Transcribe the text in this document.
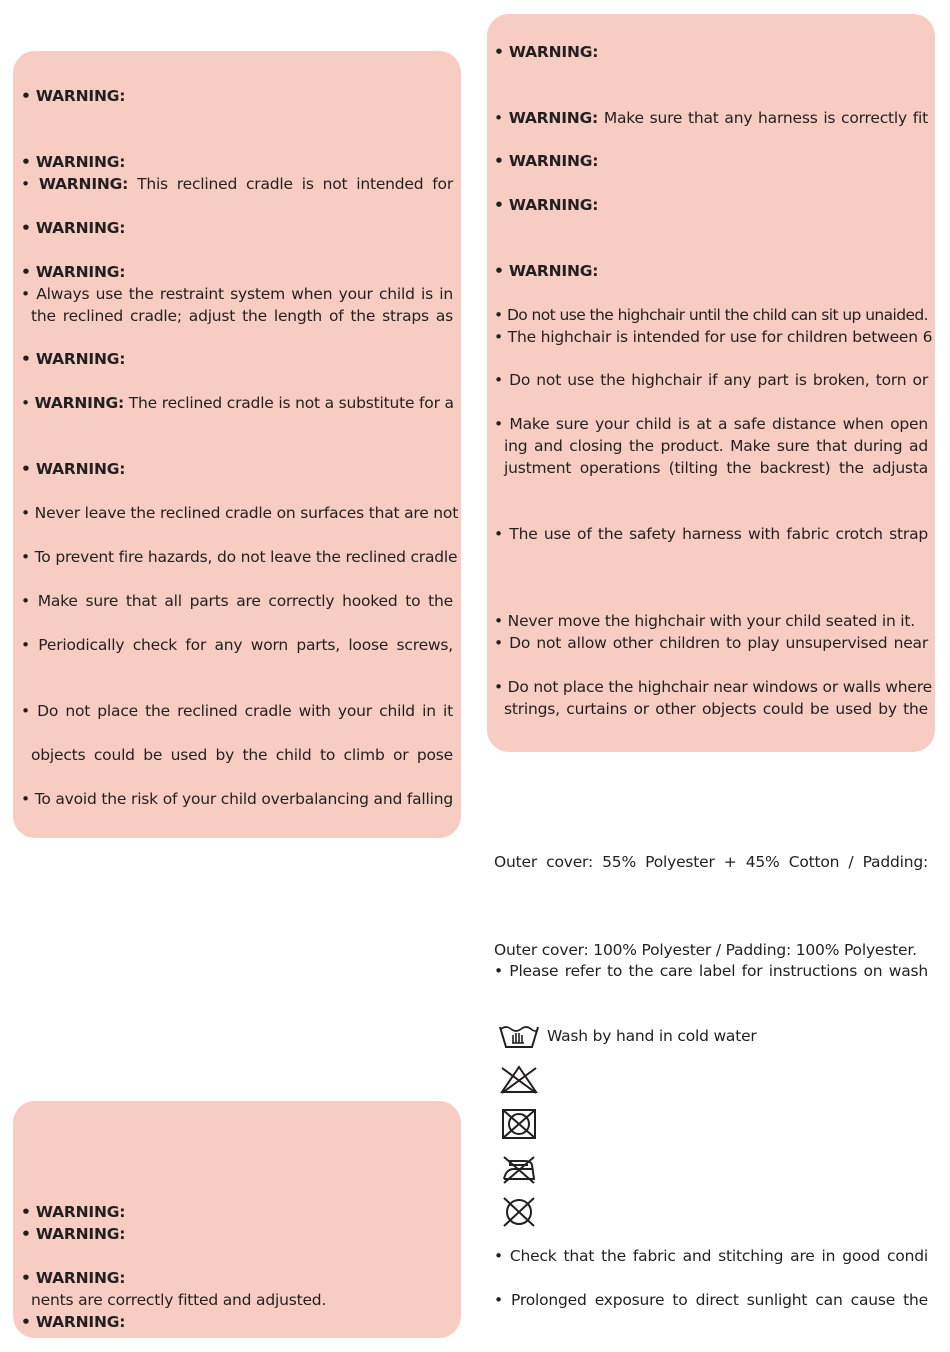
• WARNING:
• WARNING:
• WARNING: This reclined cradle is not intended for
• WARNING:
• WARNING:
• Always use the restraint system when your child is in
the reclined cradle; adjust the length of the straps as
• WARNING:
• WARNING: The reclined cradle is not a substitute for a
• WARNING:
• Never leave the reclined cradle on surfaces that are not
• To prevent fire hazards, do not leave the reclined cradle
• Make sure that all parts are correctly hooked to the
• Periodically check for any worn parts, loose screws,
• Do not place the reclined cradle with your child in it
objects could be used by the child to climb or pose
• To avoid the risk of your child overbalancing and falling
• WARNING:
• WARNING: Make sure that any harness is correctly fit
• WARNING:
• WARNING:
• WARNING:
• Do not use the highchair until the child can sit up unaided.
• The highchair is intended for use for children between 6
• Do not use the highchair if any part is broken, torn or
• Make sure your child is at a safe distance when open
ing and closing the product. Make sure that during ad
justment operations (tilting the backrest) the adjusta
• The use of the safety harness with fabric crotch strap
• Never move the highchair with your child seated in it.
• Do not allow other children to play unsupervised near
• Do not place the highchair near windows or walls where
strings, curtains or other objects could be used by the
Outer cover: 55% Polyester + 45% Cotton / Padding:
Outer cover: 100% Polyester / Padding: 100% Polyester.
• Please refer to the care label for instructions on wash
• Check that the fabric and stitching are in good condi
• Prolonged exposure to direct sunlight can cause the
Wash by hand in cold water
• WARNING:
• WARNING:
• WARNING:
nents are correctly fitted and adjusted.
• WARNING:
